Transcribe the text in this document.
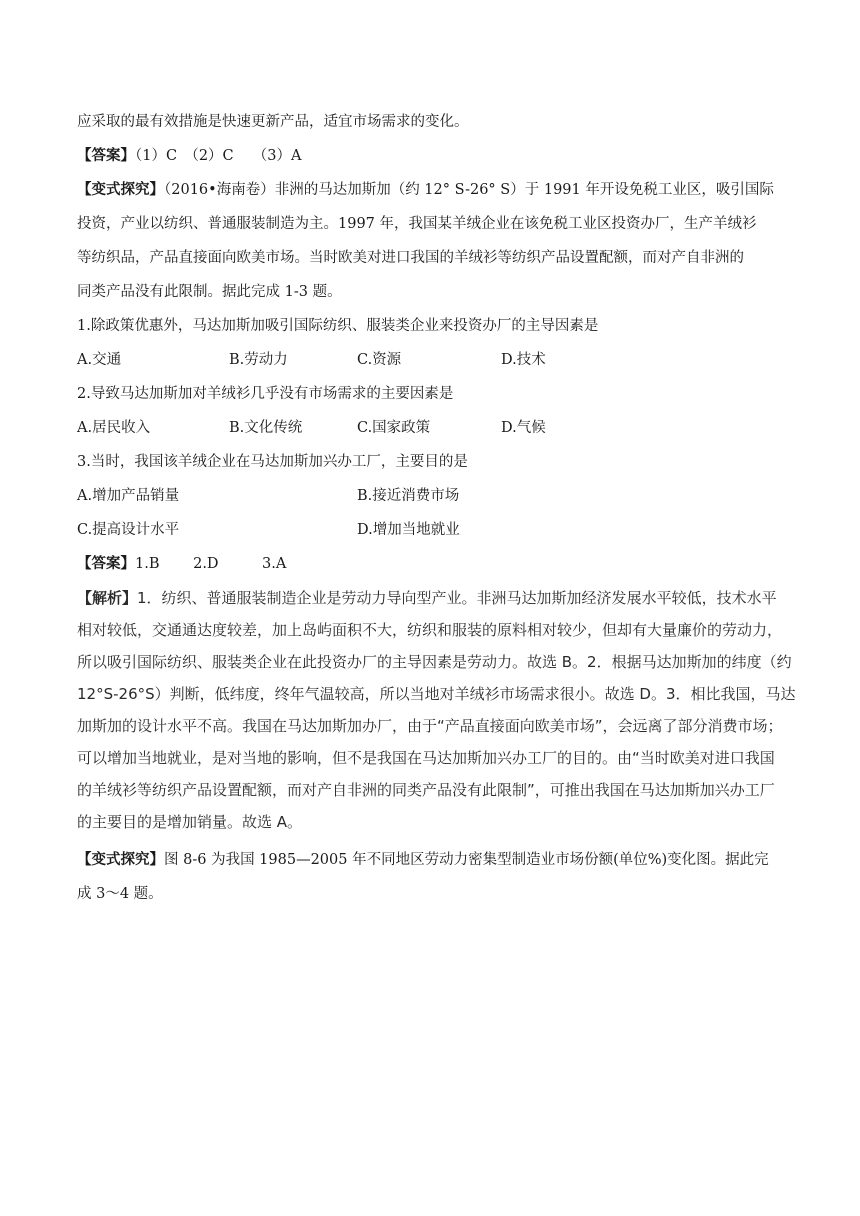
应采取的最有效措施是快速更新产品，适宜市场需求的变化。
【答案】（1）C　（2）C　 （3）A
【变式探究】（2016•海南卷）非洲的马达加斯加（约 12° S-26° S）于 1991 年开设免税工业区，吸引国际
投资，产业以纺织、普通服装制造为主。1997 年，我国某羊绒企业在该免税工业区投资办厂，生产羊绒衫
等纺织品，产品直接面向欧美市场。当时欧美对进口我国的羊绒衫等纺织产品设置配额，而对产自非洲的
同类产品没有此限制。据此完成 1-3 题。
1.除政策优惠外，马达加斯加吸引国际纺织、服装类企业来投资办厂的主导因素是
A.交通	B.劳动力	C.资源	D.技术
2.导致马达加斯加对羊绒衫几乎没有市场需求的主要因素是
A.居民收入	B.文化传统	C.国家政策	D.气候
3.当时，我国该羊绒企业在马达加斯加兴办工厂，主要目的是
A.增加产品销量	B.接近消费市场
C.提高设计水平	D.增加当地就业
【答案】1.B　　 2.D　　　3.A
【解析】1．纺织、普通服装制造企业是劳动力导向型产业。非洲马达加斯加经济发展水平较低，技术水平
相对较低，交通通达度较差，加上岛屿面积不大，纺织和服装的原料相对较少，但却有大量廉价的劳动力，
所以吸引国际纺织、服装类企业在此投资办厂的主导因素是劳动力。故选 B。2．根据马达加斯加的纬度（约
12°S-26°S）判断，低纬度，终年气温较高，所以当地对羊绒衫市场需求很小。故选 D。3．相比我国，马达
加斯加的设计水平不高。我国在马达加斯加办厂，由于“产品直接面向欧美市场”，会远离了部分消费市场；
可以增加当地就业，是对当地的影响，但不是我国在马达加斯加兴办工厂的目的。由“当时欧美对进口我国
的羊绒衫等纺织产品设置配额，而对产自非洲的同类产品没有此限制”，可推出我国在马达加斯加兴办工厂
的主要目的是增加销量。故选 A。
【变式探究】图 8-6 为我国 1985—2005 年不同地区劳动力密集型制造业市场份额(单位%)变化图。据此完
成 3～4 题。
